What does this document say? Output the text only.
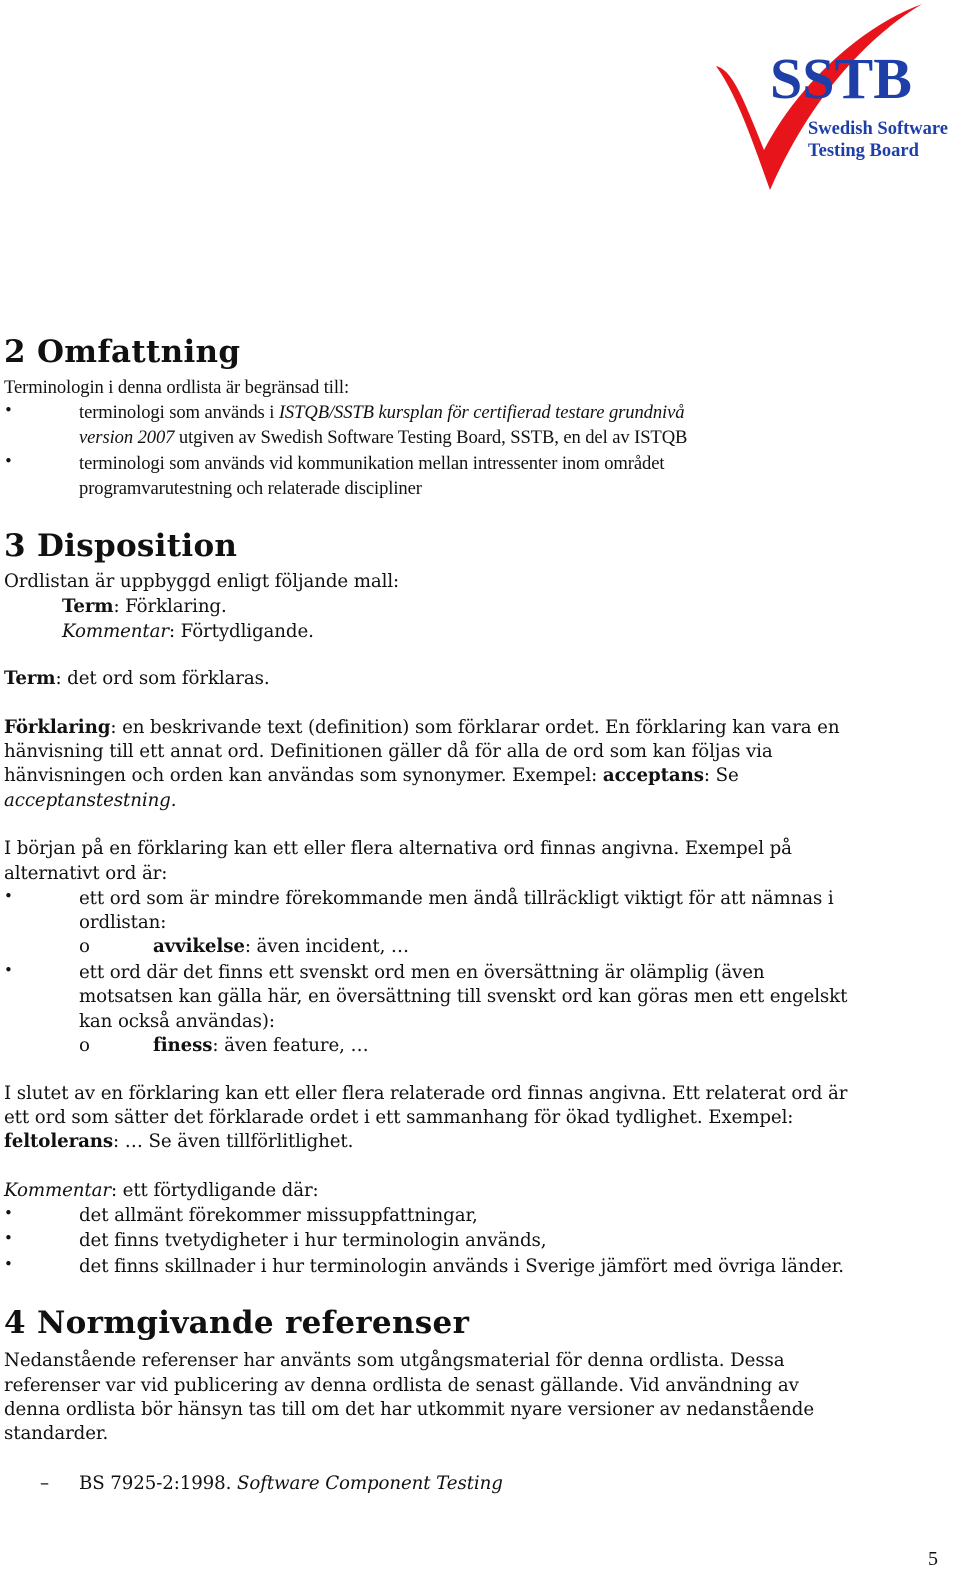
SSTB
Swedish Software
Testing Board
2 Omfattning
Terminologin i denna ordlista är begränsad till:
•	terminologi som används i ISTQB/SSTB kursplan för certifierad testare grundnivå
version 2007 utgiven av Swedish Software Testing Board, SSTB, en del av ISTQB
•	terminologi som används vid kommunikation mellan intressenter inom området
programvarutestning och relaterade discipliner
3 Disposition
Ordlistan är uppbyggd enligt följande mall:
Term: Förklaring.
Kommentar: Förtydligande.
Term: det ord som förklaras.
Förklaring: en beskrivande text (definition) som förklarar ordet. En förklaring kan vara en
hänvisning till ett annat ord. Definitionen gäller då för alla de ord som kan följas via
hänvisningen och orden kan användas som synonymer. Exempel: acceptans: Se
acceptanstestning.
I början på en förklaring kan ett eller flera alternativa ord finnas angivna. Exempel på
alternativt ord är:
•	ett ord som är mindre förekommande men ändå tillräckligt viktigt för att nämnas i
ordlistan:
o	avvikelse: även incident, …
•	ett ord där det finns ett svenskt ord men en översättning är olämplig (även
motsatsen kan gälla här, en översättning till svenskt ord kan göras men ett engelskt
kan också användas):
o	finess: även feature, …
I slutet av en förklaring kan ett eller flera relaterade ord finnas angivna. Ett relaterat ord är
ett ord som sätter det förklarade ordet i ett sammanhang för ökad tydlighet. Exempel:
feltolerans: … Se även tillförlitlighet.
Kommentar: ett förtydligande där:
•	det allmänt förekommer missuppfattningar,
•	det finns tvetydigheter i hur terminologin används,
•	det finns skillnader i hur terminologin används i Sverige jämfört med övriga länder.
4 Normgivande referenser
Nedanstående referenser har använts som utgångsmaterial för denna ordlista. Dessa
referenser var vid publicering av denna ordlista de senast gällande. Vid användning av
denna ordlista bör hänsyn tas till om det har utkommit nyare versioner av nedanstående
standarder.
– BS 7925-2:1998. Software Component Testing
5
